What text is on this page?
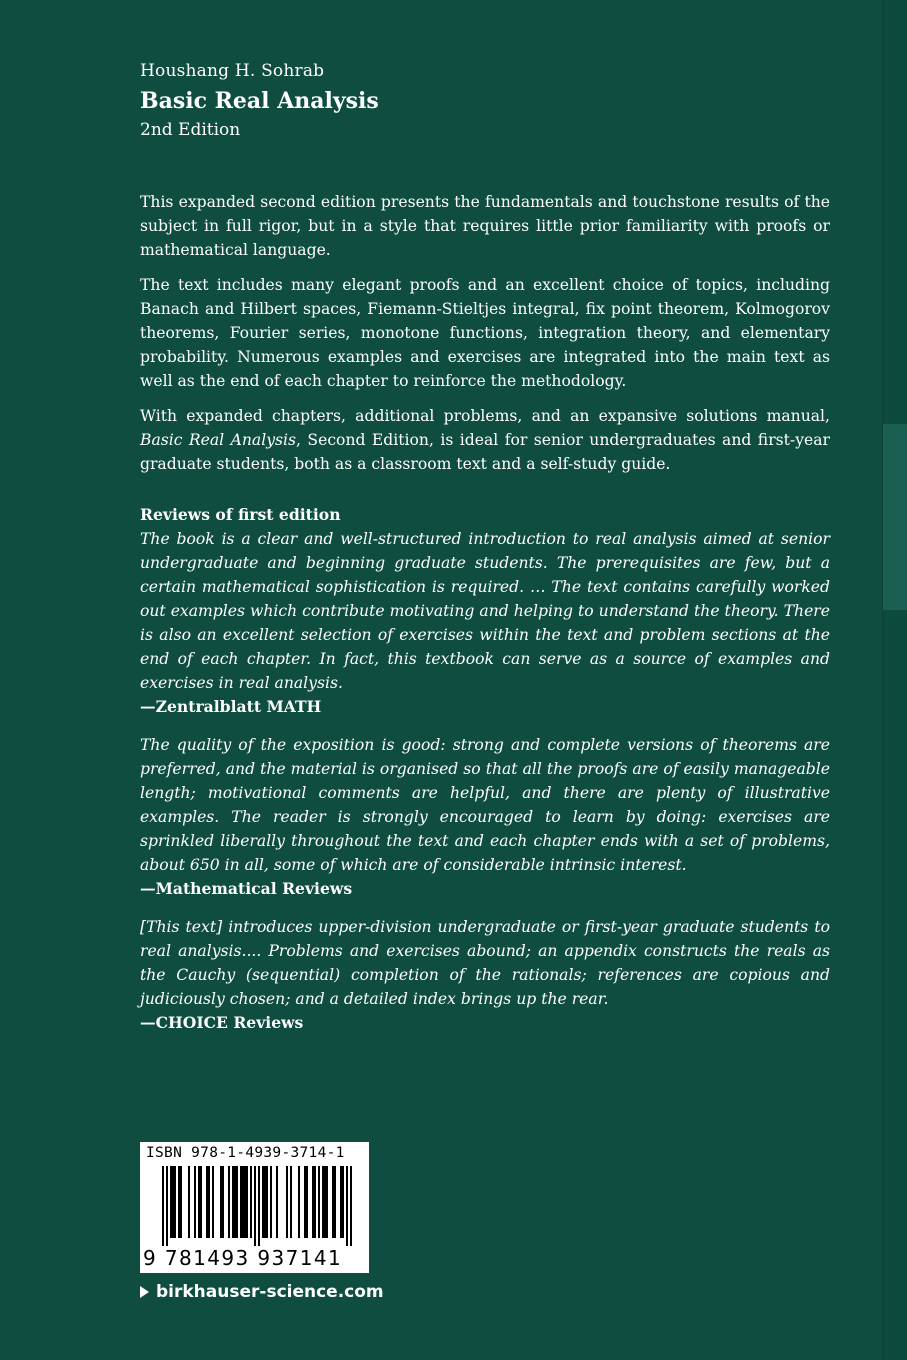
Houshang H. Sohrab

Basic Real Analysis

2nd Edition

This expanded second edition presents the fundamentals and touchstone results of the subject in full rigor, but in a style that requires little prior familiarity with proofs or mathematical language.

The text includes many elegant proofs and an excellent choice of topics, including Banach and Hilbert spaces, Fiemann-Stieltjes integral, fix point theorem, Kolmogorov theorems, Fourier series, monotone functions, integration theory, and elementary probability. Numerous examples and exercises are integrated into the main text as well as the end of each chapter to reinforce the methodology.

With expanded chapters, additional problems, and an expansive solutions manual, Basic Real Analysis, Second Edition, is ideal for senior undergraduates and first-year graduate students, both as a classroom text and a self-study guide.

Reviews of first edition

The book is a clear and well-structured introduction to real analysis aimed at senior undergraduate and beginning graduate students. The prerequisites are few, but a certain mathematical sophistication is required. … The text contains carefully worked out examples which contribute motivating and helping to understand the theory. There is also an excellent selection of exercises within the text and problem sections at the end of each chapter. In fact, this textbook can serve as a source of examples and exercises in real analysis.

—Zentralblatt MATH

The quality of the exposition is good: strong and complete versions of theorems are preferred, and the material is organised so that all the proofs are of easily manageable length; motivational comments are helpful, and there are plenty of illustrative examples. The reader is strongly encouraged to learn by doing: exercises are sprinkled liberally throughout the text and each chapter ends with a set of problems, about 650 in all, some of which are of considerable intrinsic interest.

—Mathematical Reviews

[This text] introduces upper-division undergraduate or first-year graduate students to real analysis.... Problems and exercises abound; an appendix constructs the reals as the Cauchy (sequential) completion of the rationals; references are copious and judiciously chosen; and a detailed index brings up the rear.

—CHOICE Reviews

ISBN 978-1-4939-3714-1
9 781493 937141
birkhauser-science.com
